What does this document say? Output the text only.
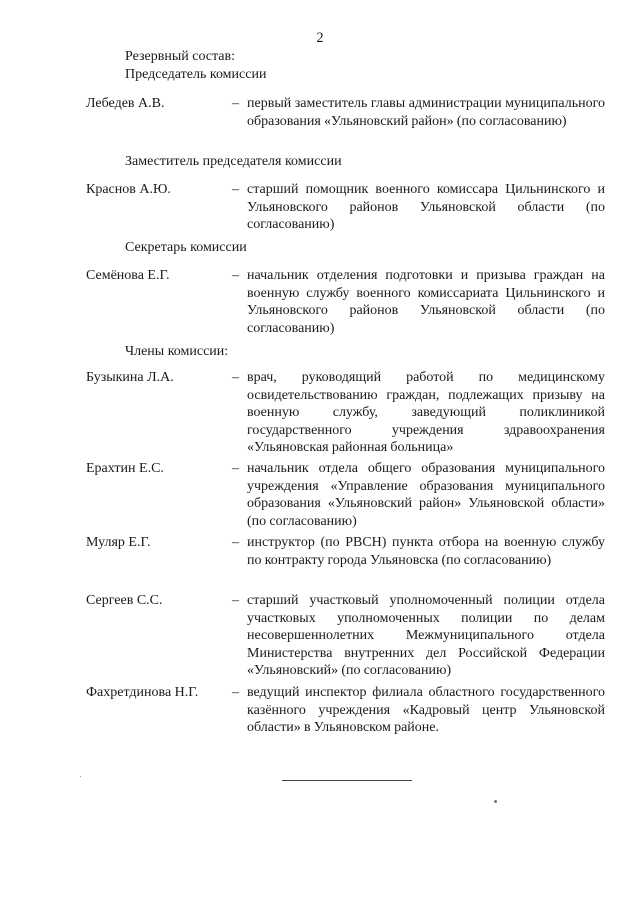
2
Резервный состав:
Председатель комиссии
Лебедев А.В.	– первый заместитель главы администрации муниципального образования «Ульяновский район» (по согласованию)
Заместитель председателя комиссии
Краснов А.Ю.	– старший помощник военного комиссара Цильнинского и Ульяновского районов Ульяновской области (по согласованию)
Секретарь комиссии
Семёнова Е.Г.	– начальник отделения подготовки и призыва граждан на военную службу военного комиссариата Цильнинского и Ульяновского районов Ульяновской области (по согласованию)
Члены комиссии:
Бузыкина Л.А.	– врач, руководящий работой по медицинскому освидетельствованию граждан, подлежащих призыву на военную службу, заведующий поликлиникой государственного учреждения здравоохранения «Ульяновская районная больница»
Ерахтин Е.С.	– начальник отдела общего образования муниципального учреждения «Управление образования муниципального образования «Ульяновский район» Ульяновской области» (по согласованию)
Муляр Е.Г.	– инструктор (по РВСН) пункта отбора на военную службу по контракту города Ульяновска (по согласованию)
Сергеев С.С.	– старший участковый уполномоченный полиции отдела участковых уполномоченных полиции по делам несовершеннолетних Межмуниципального отдела Министерства внутренних дел Российской Федерации «Ульяновский» (по согласованию)
Фахретдинова Н.Г. – ведущий инспектор филиала областного государственного казённого учреждения «Кадровый центр Ульяновской области» в Ульяновском районе.
